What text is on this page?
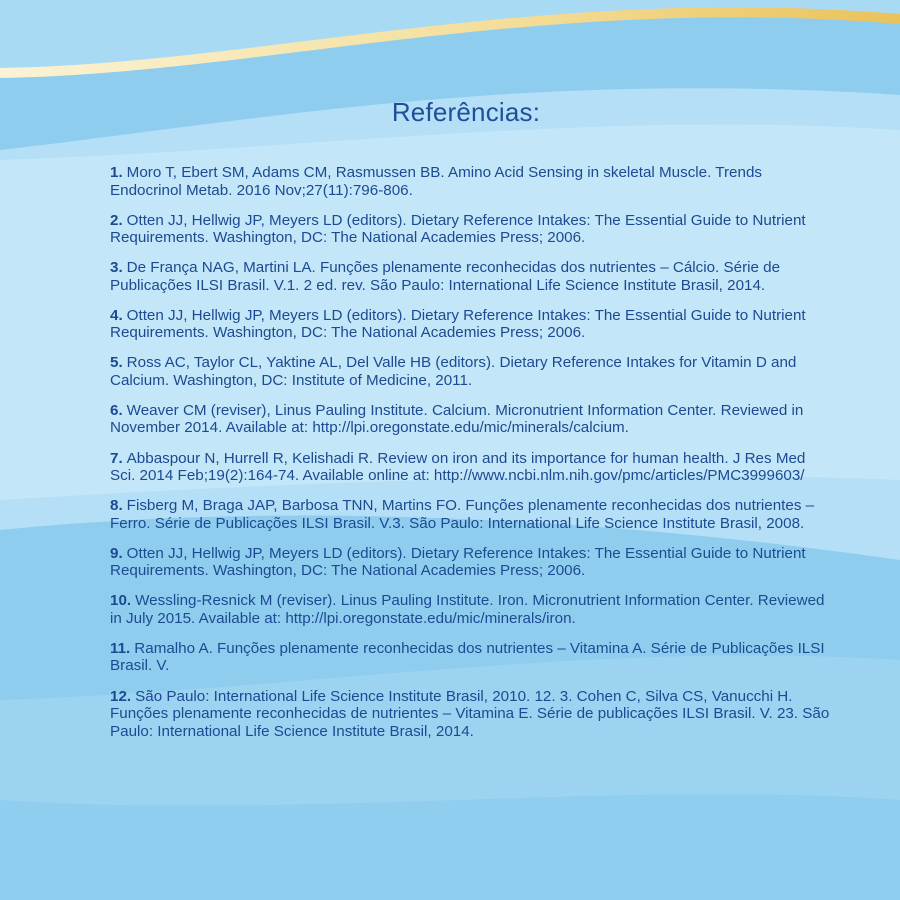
Referências:
1. Moro T, Ebert SM, Adams CM, Rasmussen BB. Amino Acid Sensing in skeletal Muscle. Trends Endocrinol Metab. 2016 Nov;27(11):796-806.
2. Otten JJ, Hellwig JP, Meyers LD (editors). Dietary Reference Intakes: The Essential Guide to Nutrient Requirements. Washington, DC: The National Academies Press; 2006.
3. De França NAG, Martini LA. Funções plenamente reconhecidas dos nutrientes – Cálcio. Série de Publicações ILSI Brasil. V.1. 2 ed. rev. São Paulo: International Life Science Institute Brasil, 2014.
4. Otten JJ, Hellwig JP, Meyers LD (editors). Dietary Reference Intakes: The Essential Guide to Nutrient Requirements. Washington, DC: The National Academies Press; 2006.
5. Ross AC, Taylor CL, Yaktine AL, Del Valle HB (editors). Dietary Reference Intakes for Vitamin D and Calcium. Washington, DC: Institute of Medicine, 2011.
6. Weaver CM (reviser), Linus Pauling Institute. Calcium. Micronutrient Information Center. Reviewed in November 2014. Available at: http://lpi.oregonstate.edu/mic/minerals/calcium.
7. Abbaspour N, Hurrell R, Kelishadi R. Review on iron and its importance for human health. J Res Med Sci. 2014 Feb;19(2):164-74. Available online at: http://www.ncbi.nlm.nih.gov/pmc/articles/PMC3999603/
8. Fisberg M, Braga JAP, Barbosa TNN, Martins FO. Funções plenamente reconhecidas dos nutrientes – Ferro. Série de Publicações ILSI Brasil. V.3. São Paulo: International Life Science Institute Brasil, 2008.
9. Otten JJ, Hellwig JP, Meyers LD (editors). Dietary Reference Intakes: The Essential Guide to Nutrient Requirements. Washington, DC: The National Academies Press; 2006.
10. Wessling-Resnick M (reviser). Linus Pauling Institute. Iron. Micronutrient Information Center. Reviewed in July 2015. Available at: http://lpi.oregonstate.edu/mic/minerals/iron.
11. Ramalho A. Funções plenamente reconhecidas dos nutrientes – Vitamina A. Série de Publicações ILSI Brasil. V.
12. São Paulo: International Life Science Institute Brasil, 2010. 12. 3. Cohen C, Silva CS, Vanucchi H. Funções plenamente reconhecidas de nutrientes – Vitamina E. Série de publicações ILSI Brasil. V. 23. São Paulo: International Life Science Institute Brasil, 2014.
